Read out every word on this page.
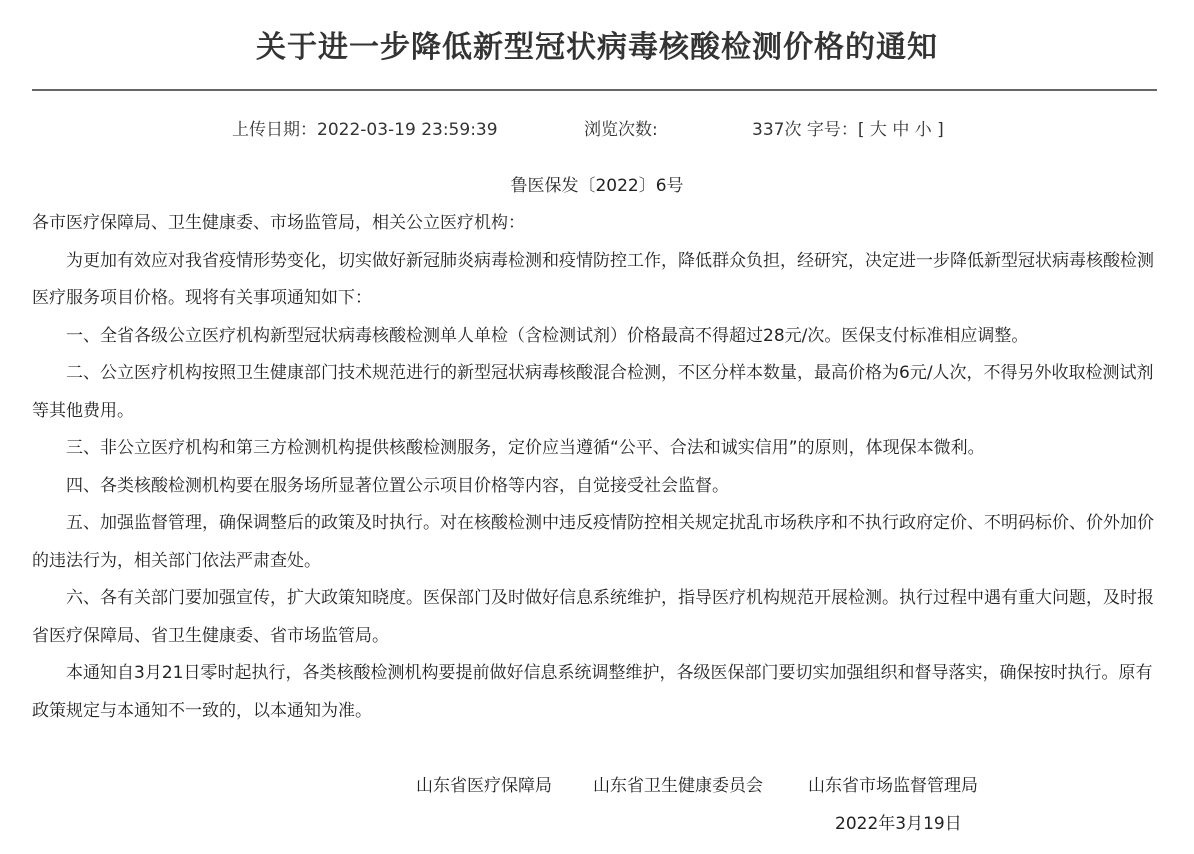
关于进一步降低新型冠状病毒核酸检测价格的通知
上传日期：2022-03-19 23:59:39	浏览次数:	337次 字号：[ 大 中 小 ]
鲁医保发〔2022〕6号

各市医疗保障局、卫生健康委、市场监管局，相关公立医疗机构：

为更加有效应对我省疫情形势变化，切实做好新冠肺炎病毒检测和疫情防控工作，降低群众负担，经研究，决定进一步降低新型冠状病毒核酸检测医疗服务项目价格。现将有关事项通知如下：

一、全省各级公立医疗机构新型冠状病毒核酸检测单人单检（含检测试剂）价格最高不得超过28元/次。医保支付标准相应调整。

二、公立医疗机构按照卫生健康部门技术规范进行的新型冠状病毒核酸混合检测，不区分样本数量，最高价格为6元/人次，不得另外收取检测试剂等其他费用。

三、非公立医疗机构和第三方检测机构提供核酸检测服务，定价应当遵循“公平、合法和诚实信用”的原则，体现保本微利。

四、各类核酸检测机构要在服务场所显著位置公示项目价格等内容，自觉接受社会监督。

五、加强监督管理，确保调整后的政策及时执行。对在核酸检测中违反疫情防控相关规定扰乱市场秩序和不执行政府定价、不明码标价、价外加价的违法行为，相关部门依法严肃查处。

六、各有关部门要加强宣传，扩大政策知晓度。医保部门及时做好信息系统维护，指导医疗机构规范开展检测。执行过程中遇有重大问题，及时报省医疗保障局、省卫生健康委、省市场监管局。

本通知自3月21日零时起执行，各类核酸检测机构要提前做好信息系统调整维护，各级医保部门要切实加强组织和督导落实，确保按时执行。原有政策规定与本通知不一致的，以本通知为准。

山东省医疗保障局 山东省卫生健康委员会	山东省市场监督管理局
2022年3月19日
